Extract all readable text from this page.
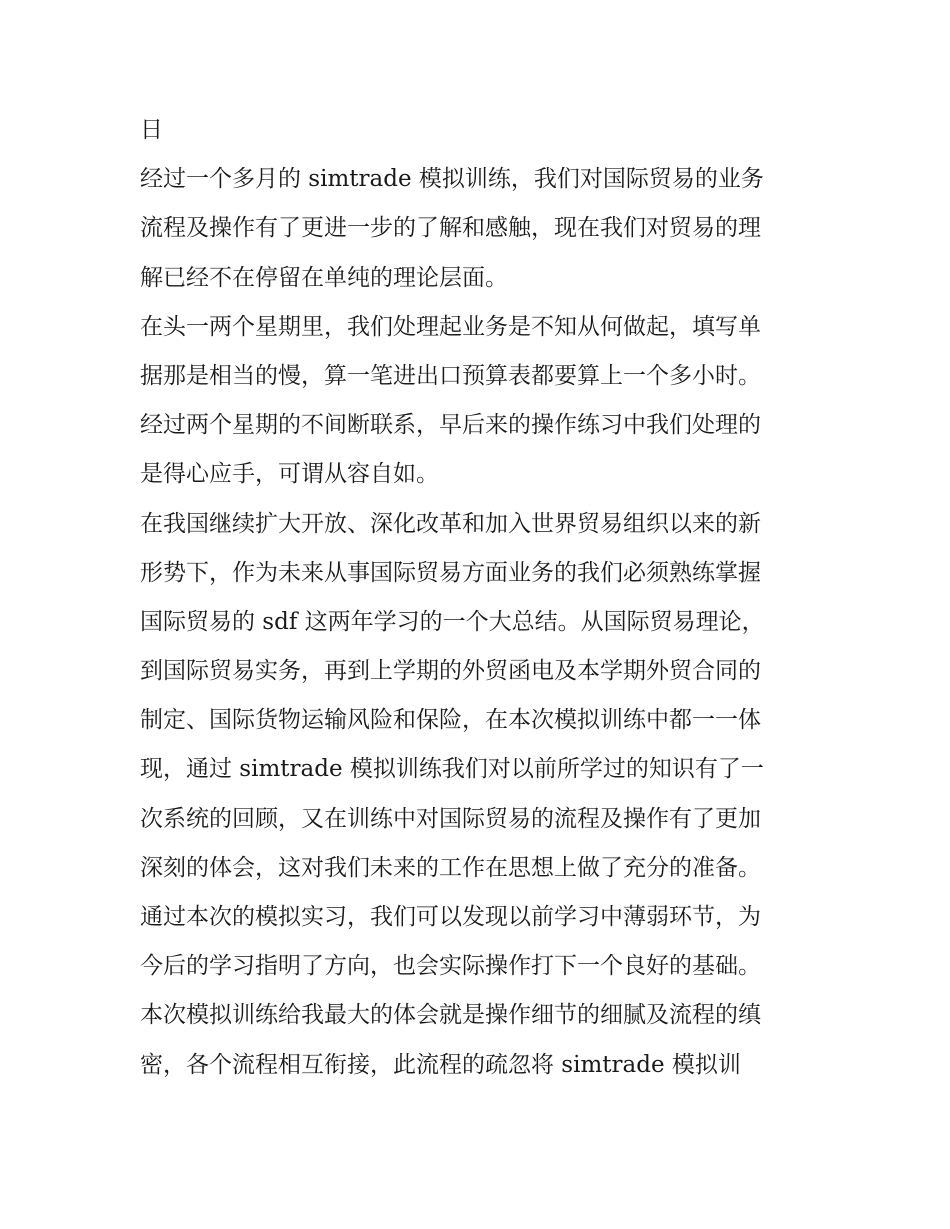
日
经过一个多月的 simtrade 模拟训练，我们对国际贸易的业务
流程及操作有了更进一步的了解和感触，现在我们对贸易的理
解已经不在停留在单纯的理论层面。
在头一两个星期里，我们处理起业务是不知从何做起，填写单
据那是相当的慢，算一笔进出口预算表都要算上一个多小时。
经过两个星期的不间断联系，早后来的操作练习中我们处理的
是得心应手，可谓从容自如。
在我国继续扩大开放、深化改革和加入世界贸易组织以来的新
形势下，作为未来从事国际贸易方面业务的我们必须熟练掌握
国际贸易的 sdf 这两年学习的一个大总结。从国际贸易理论，
到国际贸易实务，再到上学期的外贸函电及本学期外贸合同的
制定、国际货物运输风险和保险，在本次模拟训练中都一一体
现，通过 simtrade 模拟训练我们对以前所学过的知识有了一
次系统的回顾，又在训练中对国际贸易的流程及操作有了更加
深刻的体会，这对我们未来的工作在思想上做了充分的准备。
通过本次的模拟实习，我们可以发现以前学习中薄弱环节，为
今后的学习指明了方向，也会实际操作打下一个良好的基础。
本次模拟训练给我最大的体会就是操作细节的细腻及流程的缜
密，各个流程相互衔接，此流程的疏忽将 simtrade 模拟训
